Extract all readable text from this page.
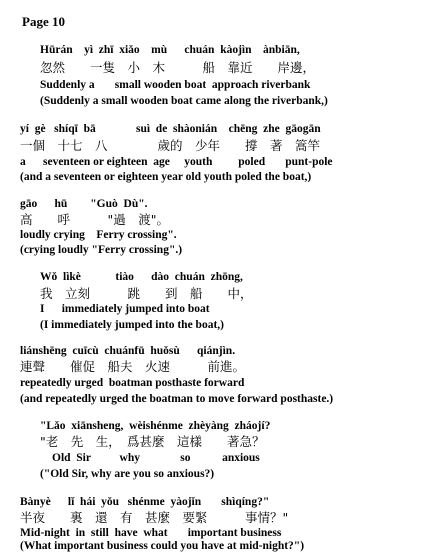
Page 10
Hūrán    yì  zhī  xiǎo    mù      chuán  kàojìn    ànbiān,
忽然　　一隻　小　木　　　船　靠近　　岸邊，
Suddenly a       small wooden boat  approach riverbank
(Suddenly a small wooden boat came along the riverbank,)
yí  gè   shíqī  bā              suì  de  shàonián    chēng  zhe  gāogān
一個　十七　八　　　　歲的　少年　　撐　著　篙竿
a      seventeen or eighteen  age     youth         poled       punt-pole
(and a seventeen or eighteen year old youth poled the boat,)
gāo      hū        "Guò  Dù".
高　　呼　　　"過　渡"。
loudly crying    Ferry crossing".
(crying loudly "Ferry crossing".)
Wǒ  lìkè            tiào      dào  chuán  zhōng,
我　立刻　　　跳　　到　船　　中，
I      immediately jumped into boat
(I immediately jumped into the boat,)
liánshēng  cuīcù  chuánfū  huǒsù      qiánjìn.
連聲　　催促　船夫　火速　　　前進。
repeatedly urged  boatman posthaste forward
(and repeatedly urged the boatman to move forward posthaste.)
"Lǎo  xiānsheng,  wèishénme  zhèyàng  zháojí?
"老　先　生，　爲甚麼　這樣　　著急？
Old  Sir          why              so           anxious
("Old Sir, why are you so anxious?)
Bànyè      lǐ  hái  yǒu   shénme  yàojǐn       shìqíng?"
半夜　　裏　還　有　甚麼　要緊　　　事情？"
Mid-night  in  still  have  what       important business
(What important business could you have at mid-night?")
